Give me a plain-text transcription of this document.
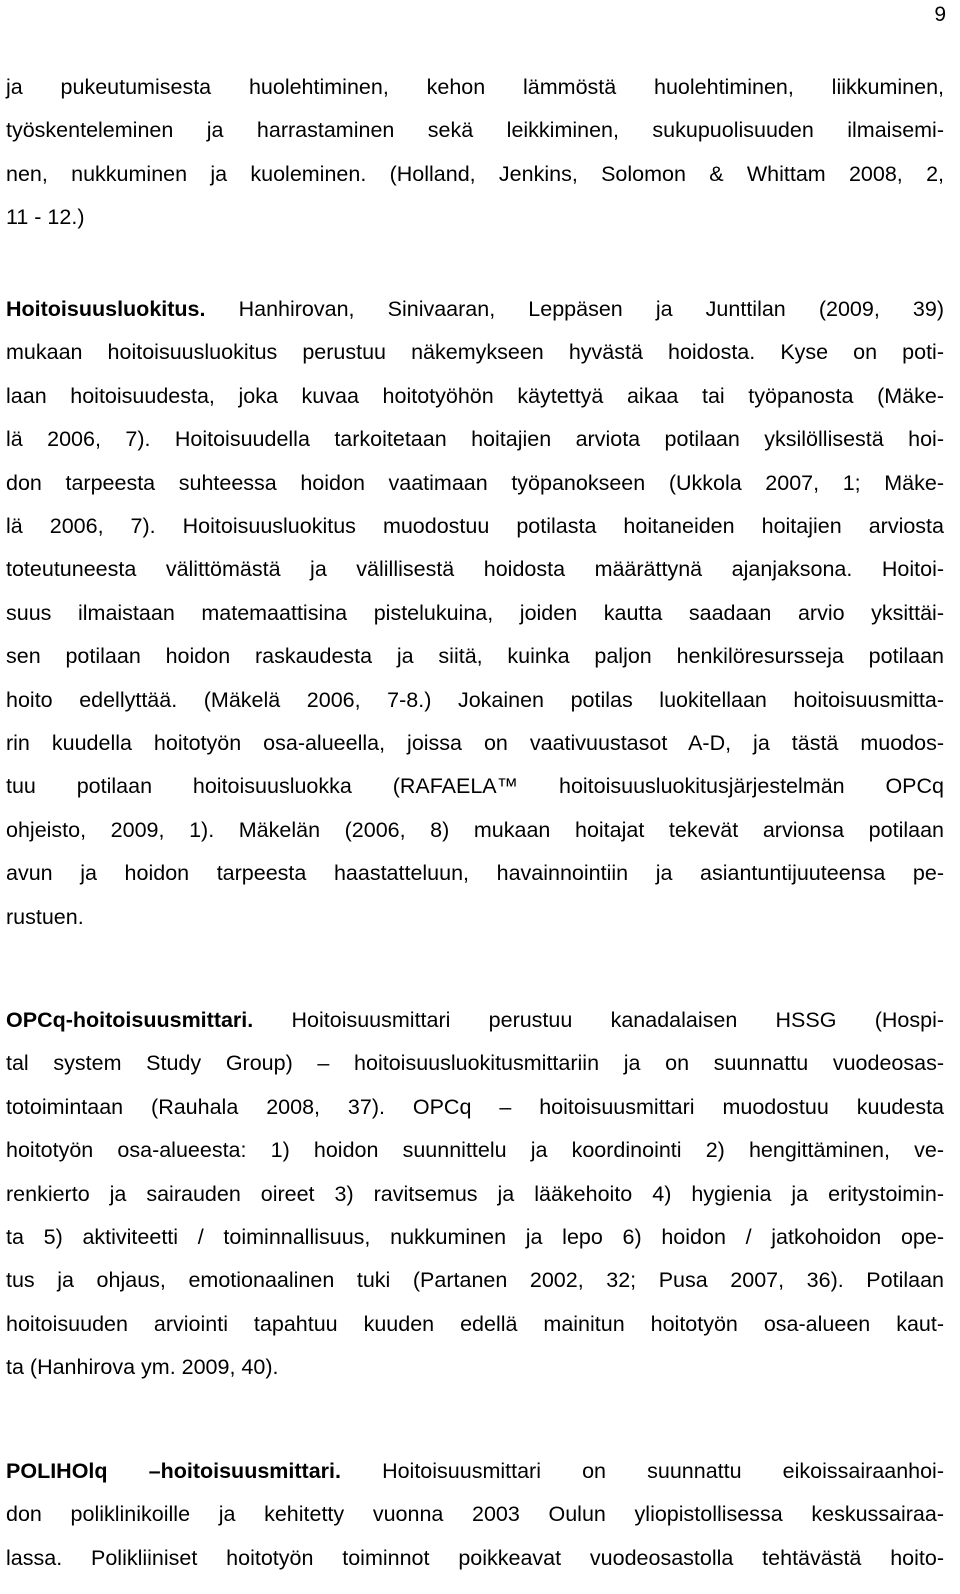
9
ja pukeutumisesta huolehtiminen, kehon lämmöstä huolehtiminen, liikkuminen,
työskenteleminen ja harrastaminen sekä leikkiminen, sukupuolisuuden ilmaisemi-
nen, nukkuminen ja kuoleminen. (Holland, Jenkins, Solomon & Whittam 2008, 2,
11 - 12.)
Hoitoisuusluokitus. Hanhirovan, Sinivaaran, Leppäsen ja Junttilan (2009, 39)
mukaan hoitoisuusluokitus perustuu näkemykseen hyvästä hoidosta. Kyse on poti-
laan hoitoisuudesta, joka kuvaa hoitotyöhön käytettyä aikaa tai työpanosta (Mäke-
lä 2006, 7). Hoitoisuudella tarkoitetaan hoitajien arviota potilaan yksilöllisestä hoi-
don tarpeesta suhteessa hoidon vaatimaan työpanokseen (Ukkola 2007, 1; Mäke-
lä 2006, 7). Hoitoisuusluokitus muodostuu potilasta hoitaneiden hoitajien arviosta
toteutuneesta välittömästä ja välillisestä hoidosta määrättynä ajanjaksona. Hoitoi-
suus ilmaistaan matemaattisina pistelukuina, joiden kautta saadaan arvio yksittäi-
sen potilaan hoidon raskaudesta ja siitä, kuinka paljon henkilöresursseja potilaan
hoito edellyttää. (Mäkelä 2006, 7-8.) Jokainen potilas luokitellaan hoitoisuusmitta-
rin kuudella hoitotyön osa-alueella, joissa on vaativuustasot A-D, ja tästä muodos-
tuu potilaan hoitoisuusluokka (RAFAELA™ hoitoisuusluokitusjärjestelmän OPCq
ohjeisto, 2009, 1). Mäkelän (2006, 8) mukaan hoitajat tekevät arvionsa potilaan
avun ja hoidon tarpeesta haastatteluun, havainnointiin ja asiantuntijuuteensa pe-
rustuen.
OPCq-hoitoisuusmittari. Hoitoisuusmittari perustuu kanadalaisen HSSG (Hospi-
tal system Study Group) – hoitoisuusluokitusmittariin ja on suunnattu vuodeosas-
totoimintaan (Rauhala 2008, 37). OPCq – hoitoisuusmittari muodostuu kuudesta
hoitotyön osa-alueesta: 1) hoidon suunnittelu ja koordinointi 2) hengittäminen, ve-
renkierto ja sairauden oireet 3) ravitsemus ja lääkehoito 4) hygienia ja eritystoimin-
ta 5) aktiviteetti / toiminnallisuus, nukkuminen ja lepo 6) hoidon / jatkohoidon ope-
tus ja ohjaus, emotionaalinen tuki (Partanen 2002, 32; Pusa 2007, 36). Potilaan
hoitoisuuden arviointi tapahtuu kuuden edellä mainitun hoitotyön osa-alueen kaut-
ta (Hanhirova ym. 2009, 40).
POLIHOlq –hoitoisuusmittari. Hoitoisuusmittari on suunnattu eikoissairaanhoi-
don poliklinikoille ja kehitetty vuonna 2003 Oulun yliopistollisessa keskussairaa-
lassa. Polikliiniset hoitotyön toiminnot poikkeavat vuodeosastolla tehtävästä hoito-
